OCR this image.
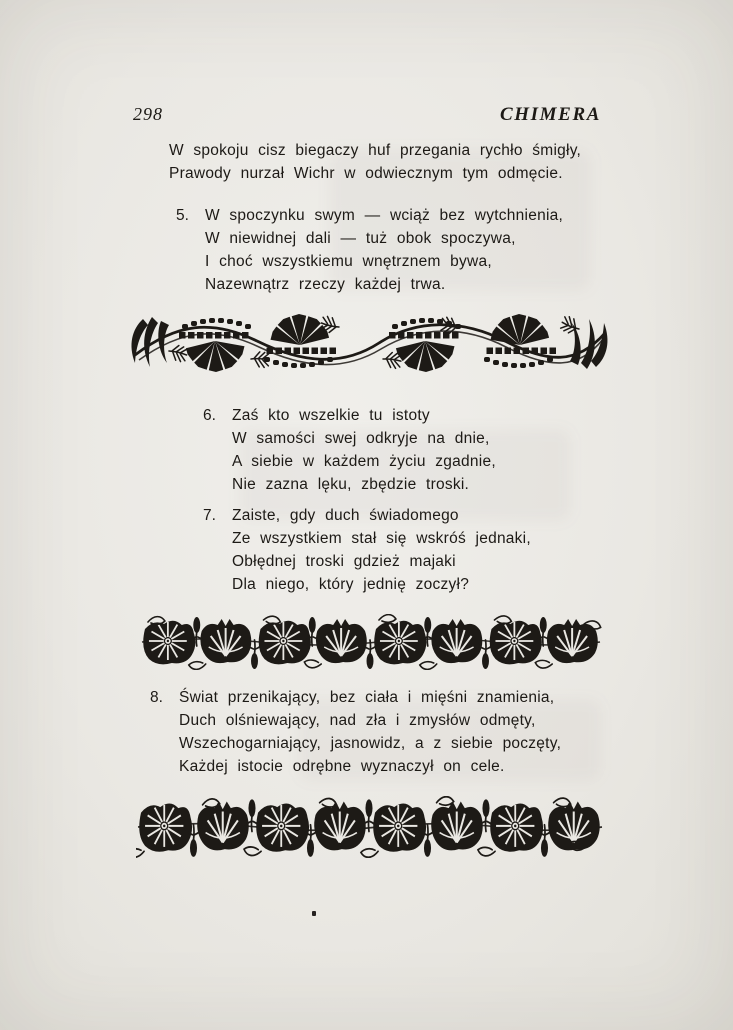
298	CHIMERA
W spokoju cisz biegaczy huf przegania rychło śmigły,
Prawody nurzał Wichr w odwiecznym tym odmęcie.
5.	W spoczynku swym — wciąż bez wytchnienia,
W niewidnej dali — tuż obok spoczywa,
I choć wszystkiemu wnętrznem bywa,
Nazewnątrz rzeczy każdej trwa.
6.	Zaś kto wszelkie tu istoty
W samości swej odkryje na dnie,
A siebie w każdem życiu zgadnie,
Nie zazna lęku, zbędzie troski.
7.	Zaiste, gdy duch świadomego
Ze wszystkiem stał się wskróś jednaki,
Obłędnej troski gdzież majaki
Dla niego, który jednię zoczył?
8.	Świat przenikający, bez ciała i mięśni znamienia,
Duch olśniewający, nad zła i zmysłów odmęty,
Wszechogarniający, jasnowidz, a z siebie poczęty,
Każdej istocie odrębne wyznaczył on cele.
